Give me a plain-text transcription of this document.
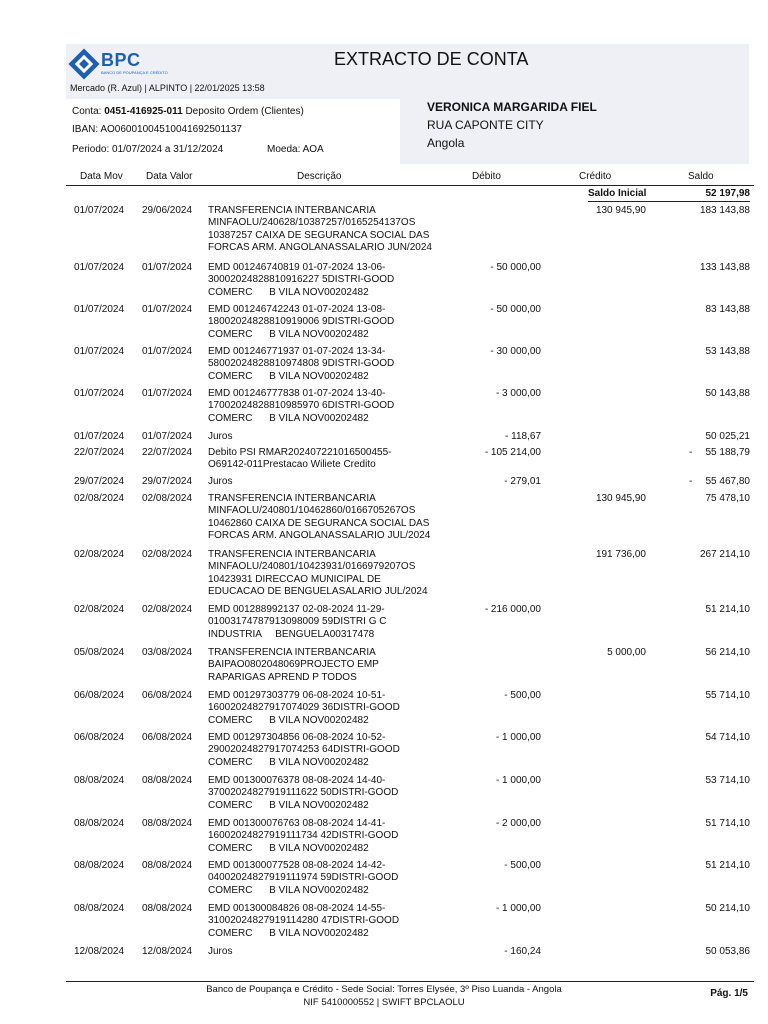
BPC
BANCO DE POUPANÇA E CRÉDITO
EXTRACTO DE CONTA
Mercado (R. Azul) | ALPINTO | 22/01/2025 13:58
Conta: 0451-416925-011 Deposito Ordem (Clientes)
IBAN: AO06001004510041692501137
Periodo: 01/07/2024 a 31/12/2024	Moeda: AOA
VERONICA MARGARIDA FIEL
RUA CAPONTE CITY
Angola
Data Mov Data Valor	Descrição	Débito	Crédito	Saldo
Saldo Inicial	52 197,98
01/07/2024 29/06/2024 TRANSFERENCIA INTERBANCARIA
MINFAOLU/240628/10387257/0165254137OS
10387257 CAIXA DE SEGURANCA SOCIAL DAS
FORCAS ARM. ANGOLANASSALARIO JUN/2024
130 945,90	183 143,88
01/07/2024 01/07/2024 EMD 001246740819 01-07-2024 13-06-
30002024828810916227 5DISTRI-GOOD
COMERC      B VILA NOV00202482
- 50 000,00	133 143,88
01/07/2024 01/07/2024 EMD 001246742243 01-07-2024 13-08-
18002024828810919006 9DISTRI-GOOD
COMERC      B VILA NOV00202482
- 50 000,00	83 143,88
01/07/2024 01/07/2024 EMD 001246771937 01-07-2024 13-34-
58002024828810974808 9DISTRI-GOOD
COMERC      B VILA NOV00202482
- 30 000,00	53 143,88
01/07/2024 01/07/2024 EMD 001246777838 01-07-2024 13-40-
17002024828810985970 6DISTRI-GOOD
COMERC      B VILA NOV00202482
- 3 000,00	50 143,88
01/07/2024 01/07/2024 Juros	- 118,67	50 025,21
22/07/2024 22/07/2024 Debito PSI RMAR202407221016500455-
O69142-011Prestacao Wiliete Credito
- 105 214,00	- 55 188,79
29/07/2024 29/07/2024 Juros	- 279,01	- 55 467,80
02/08/2024 02/08/2024 TRANSFERENCIA INTERBANCARIA
MINFAOLU/240801/10462860/0166705267OS
10462860 CAIXA DE SEGURANCA SOCIAL DAS
FORCAS ARM. ANGOLANASSALARIO JUL/2024
130 945,90	75 478,10
02/08/2024 02/08/2024 TRANSFERENCIA INTERBANCARIA
MINFAOLU/240801/10423931/0166979207OS
10423931 DIRECCAO MUNICIPAL DE
EDUCACAO DE BENGUELASALARIO JUL/2024
191 736,00	267 214,10
02/08/2024 02/08/2024 EMD 001288992137 02-08-2024 11-29-
01003174787913098009 59DISTRI G C
INDUSTRIA     BENGUELA00317478
- 216 000,00	51 214,10
05/08/2024 03/08/2024 TRANSFERENCIA INTERBANCARIA
BAIPAO0802048069PROJECTO EMP
RAPARIGAS APREND P TODOS
5 000,00	56 214,10
06/08/2024 06/08/2024 EMD 001297303779 06-08-2024 10-51-
16002024827917074029 36DISTRI-GOOD
COMERC      B VILA NOV00202482
- 500,00	55 714,10
06/08/2024 06/08/2024 EMD 001297304856 06-08-2024 10-52-
29002024827917074253 64DISTRI-GOOD
COMERC      B VILA NOV00202482
- 1 000,00	54 714,10
08/08/2024 08/08/2024 EMD 001300076378 08-08-2024 14-40-
37002024827919111622 50DISTRI-GOOD
COMERC      B VILA NOV00202482
- 1 000,00	53 714,10
08/08/2024 08/08/2024 EMD 001300076763 08-08-2024 14-41-
16002024827919111734 42DISTRI-GOOD
COMERC      B VILA NOV00202482
- 2 000,00	51 714,10
08/08/2024 08/08/2024 EMD 001300077528 08-08-2024 14-42-
04002024827919111974 59DISTRI-GOOD
COMERC      B VILA NOV00202482
- 500,00	51 214,10
08/08/2024 08/08/2024 EMD 001300084826 08-08-2024 14-55-
31002024827919114280 47DISTRI-GOOD
COMERC      B VILA NOV00202482
- 1 000,00	50 214,10
12/08/2024 12/08/2024 Juros	- 160,24	50 053,86
Banco de Poupança e Crédito - Sede Social: Torres Elysée, 3º Piso Luanda - Angola
NIF 5410000552 | SWIFT BPCLAOLU
Pág. 1/5
